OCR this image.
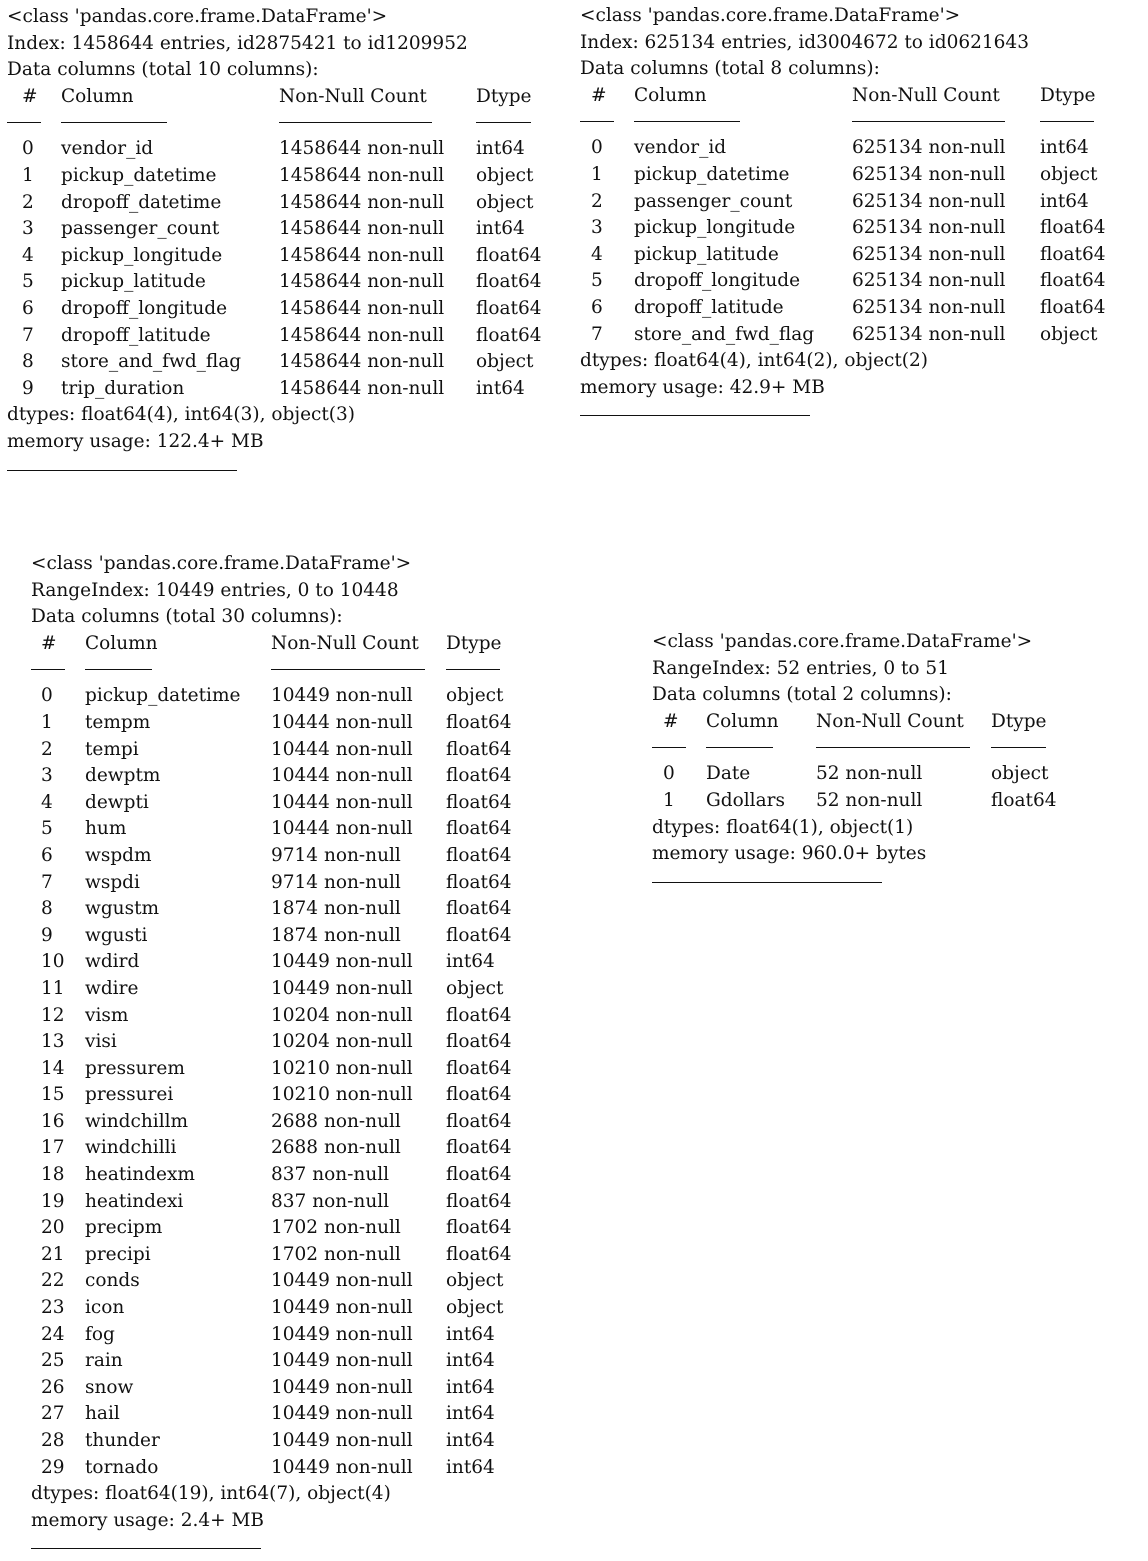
<class 'pandas.core.frame.DataFrame'>
Index: 1458644 entries, id2875421 to id1209952
Data columns (total 10 columns):
# Column	Non-Null Count	Dtype
0 vendor_id	1458644 non-null int64
1 pickup_datetime	1458644 non-null object
2 dropoff_datetime	1458644 non-null object
3 passenger_count	1458644 non-null int64
4 pickup_longitude	1458644 non-null float64
5 pickup_latitude	1458644 non-null float64
6 dropoff_longitude	1458644 non-null float64
7 dropoff_latitude	1458644 non-null float64
8 store_and_fwd_flag 1458644 non-null object
9 trip_duration	1458644 non-null int64
dtypes: float64(4), int64(3), object(3)
memory usage: 122.4+ MB
<class 'pandas.core.frame.DataFrame'>
Index: 625134 entries, id3004672 to id0621643
Data columns (total 8 columns):
# Column	Non-Null Count Dtype
0 vendor_id	625134 non-null int64
1 pickup_datetime	625134 non-null object
2 passenger_count	625134 non-null int64
3 pickup_longitude	625134 non-null float64
4 pickup_latitude	625134 non-null float64
5 dropoff_longitude	625134 non-null float64
6 dropoff_latitude	625134 non-null float64
7 store_and_fwd_flag 625134 non-null object
dtypes: float64(4), int64(2), object(2)
memory usage: 42.9+ MB
<class 'pandas.core.frame.DataFrame'>
RangeIndex: 10449 entries, 0 to 10448
Data columns (total 30 columns):
# Column	Non-Null Count Dtype
0 pickup_datetime 10449 non-null object
1 tempm	10444 non-null float64
2 tempi	10444 non-null float64
3 dewptm	10444 non-null float64
4 dewpti	10444 non-null float64
5 hum	10444 non-null float64
6 wspdm	9714 non-null float64
7 wspdi	9714 non-null float64
8 wgustm	1874 non-null float64
9 wgusti	1874 non-null float64
10 wdird	10449 non-null int64
11 wdire	10449 non-null object
12 vism	10204 non-null float64
13 visi	10204 non-null float64
14 pressurem	10210 non-null float64
15 pressurei	10210 non-null float64
16 windchillm	2688 non-null float64
17 windchilli	2688 non-null float64
18 heatindexm	837 non-null	float64
19 heatindexi	837 non-null	float64
20 precipm	1702 non-null float64
21 precipi	1702 non-null float64
22 conds	10449 non-null object
23 icon	10449 non-null object
24 fog	10449 non-null int64
25 rain	10449 non-null int64
26 snow	10449 non-null int64
27 hail	10449 non-null int64
28 thunder	10449 non-null int64
29 tornado	10449 non-null int64
dtypes: float64(19), int64(7), object(4)
memory usage: 2.4+ MB
<class 'pandas.core.frame.DataFrame'>
RangeIndex: 52 entries, 0 to 51
Data columns (total 2 columns):
# Column Non-Null Count Dtype
0 Date	52 non-null	object
1 Gdollars 52 non-null	float64
dtypes: float64(1), object(1)
memory usage: 960.0+ bytes
